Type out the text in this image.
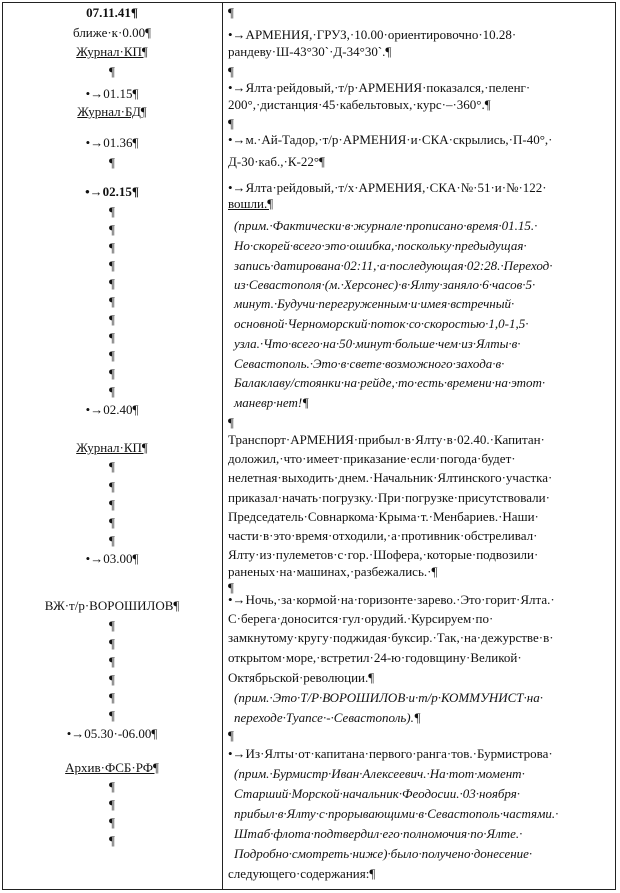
07.11.41¶
ближе·к·0.00¶
Журнал·КП¶
¶
•→01.15¶
Журнал·БД¶
•→01.36¶
¶
•→02.15¶
¶
¶
¶
¶
¶
¶
¶
¶
¶
¶
¶
•→02.40¶
Журнал·КП¶
¶
¶
¶
¶
¶
•→03.00¶
ВЖ·т/р·ВОРОШИЛОВ¶
¶
¶
¶
¶
¶
¶
•→05.30·-06.00¶
Архив·ФСБ·РФ¶
¶
¶
¶
¶
¶
•→АРМЕНИЯ,·ГРУЗ,·10.00·ориентировочно·10.28·
рандеву·Ш-43°30`·Д-34°30`.¶
¶
•→Ялта·рейдовый,·т/р·АРМЕНИЯ·показался,·пеленг·
200°,·дистанция·45·кабельтовых,·курс·–·360°.¶
¶
•→м.·Ай-Тадор,·т/р·АРМЕНИЯ·и·СКА·скрылись,·П-40°,·
Д-30·каб.,·К-22°¶
•→Ялта·рейдовый,·т/х·АРМЕНИЯ,·СКА·№·51·и·№·122·
вошли.¶
(прим.·Фактически·в·журнале·прописано·время·01.15.·
Но·скорей·всего·это·ошибка,·поскольку·предыдущая·
запись·датирована·02:11,·а·последующая·02:28.·Переход·
из·Севастополя·(м.·Херсонес)·в·Ялту·заняло·6·часов·5·
минут.·Будучи·перегруженным·и·имея·встречный·
основной·Черноморский·поток·со·скоростью·1,0-1,5·
узла.·Что·всего·на·50·минут·больше·чем·из·Ялты·в·
Севастополь.·Это·в·свете·возможного·захода·в·
Балаклаву/стоянки·на·рейде,·то·есть·времени·на·этот·
маневр·нет!¶
¶
Транспорт·АРМЕНИЯ·прибыл·в·Ялту·в·02.40.·Капитан·
доложил,·что·имеет·приказание·если·погода·будет·
нелетная·выходить·днем.·Начальник·Ялтинского·участка·
приказал·начать·погрузку.·При·погрузке·присутствовали·
Председатель·Совнаркома·Крыма·т.·Менбариев.·Наши·
части·в·это·время·отходили,·а·противник·обстреливал·
Ялту·из·пулеметов·с·гор.·Шофера,·которые·подвозили·
раненых·на·машинах,·разбежались.·¶
¶
•→Ночь,·за·кормой·на·горизонте·зарево.·Это·горит·Ялта.·
С·берега·доносится·гул·орудий.·Курсируем·по·
замкнутому·кругу·поджидая·буксир.·Так,·на·дежурстве·в·
открытом·море,·встретил·24-ю·годовщину·Великой·
Октябрьской·революции.¶
(прим.·Это·Т/Р·ВОРОШИЛОВ·и·т/р·КОММУНИСТ·на·
переходе·Туапсе·-·Севастополь).¶
¶
•→Из·Ялты·от·капитана·первого·ранга·тов.·Бурмистрова·
(прим.·Бурмистр·Иван·Алексеевич.·На·тот·момент·
Старший·Морской·начальник·Феодосии.·03·ноября·
прибыл·в·Ялту·с·прорывающими·в·Севастополь·частями.·
Штаб·флота·подтвердил·его·полномочия·по·Ялте.·
Подробно·смотреть·ниже)·было·получено·донесение·
следующего·содержания:¶
